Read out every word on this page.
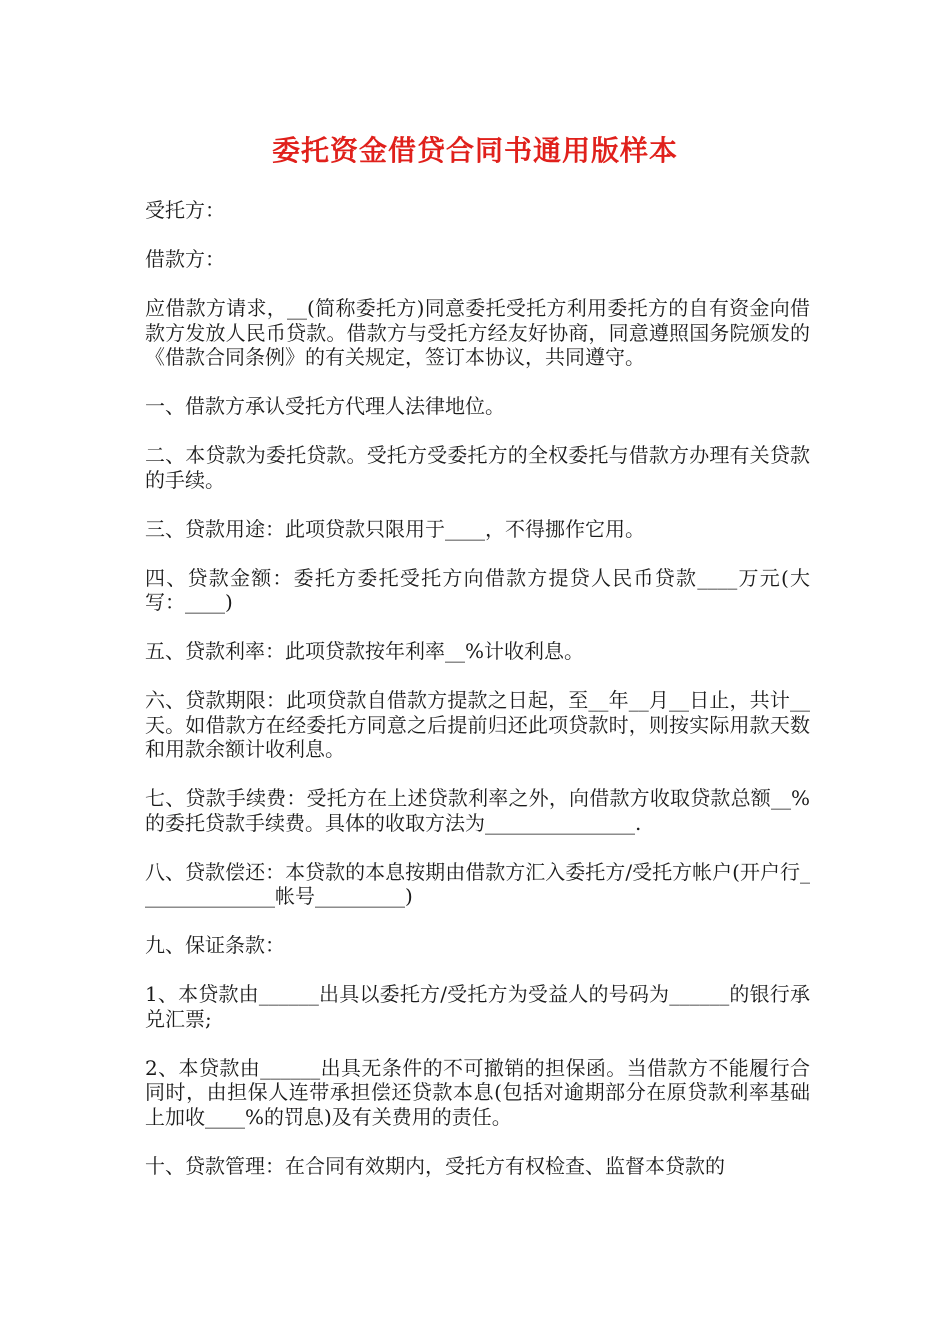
委托资金借贷合同书通用版样本

受托方：

借款方：

应借款方请求，__(简称委托方)同意委托受托方利用委托方的自有资金向借款方发放人民币贷款。借款方与受托方经友好协商，同意遵照国务院颁发的《借款合同条例》的有关规定，签订本协议，共同遵守。

一、借款方承认受托方代理人法律地位。

二、本贷款为委托贷款。受托方受委托方的全权委托与借款方办理有关贷款的手续。

三、贷款用途：此项贷款只限用于____，不得挪作它用。

四、贷款金额：委托方委托受托方向借款方提贷人民币贷款____万元(大写：____)

五、贷款利率：此项贷款按年利率__%计收利息。

六、贷款期限：此项贷款自借款方提款之日起，至__年__月__日止，共计__天。如借款方在经委托方同意之后提前归还此项贷款时，则按实际用款天数和用款余额计收利息。

七、贷款手续费：受托方在上述贷款利率之外，向借款方收取贷款总额__%的委托贷款手续费。具体的收取方法为_______________.

八、贷款偿还：本贷款的本息按期由借款方汇入委托方/受托方帐户(开户行______________帐号_________)

九、保证条款：

1、本贷款由______出具以委托方/受托方为受益人的号码为______的银行承兑汇票;

2、本贷款由______出具无条件的不可撤销的担保函。当借款方不能履行合同时，由担保人连带承担偿还贷款本息(包括对逾期部分在原贷款利率基础上加收____%的罚息)及有关费用的责任。

十、贷款管理：在合同有效期内，受托方有权检查、监督本贷款的
